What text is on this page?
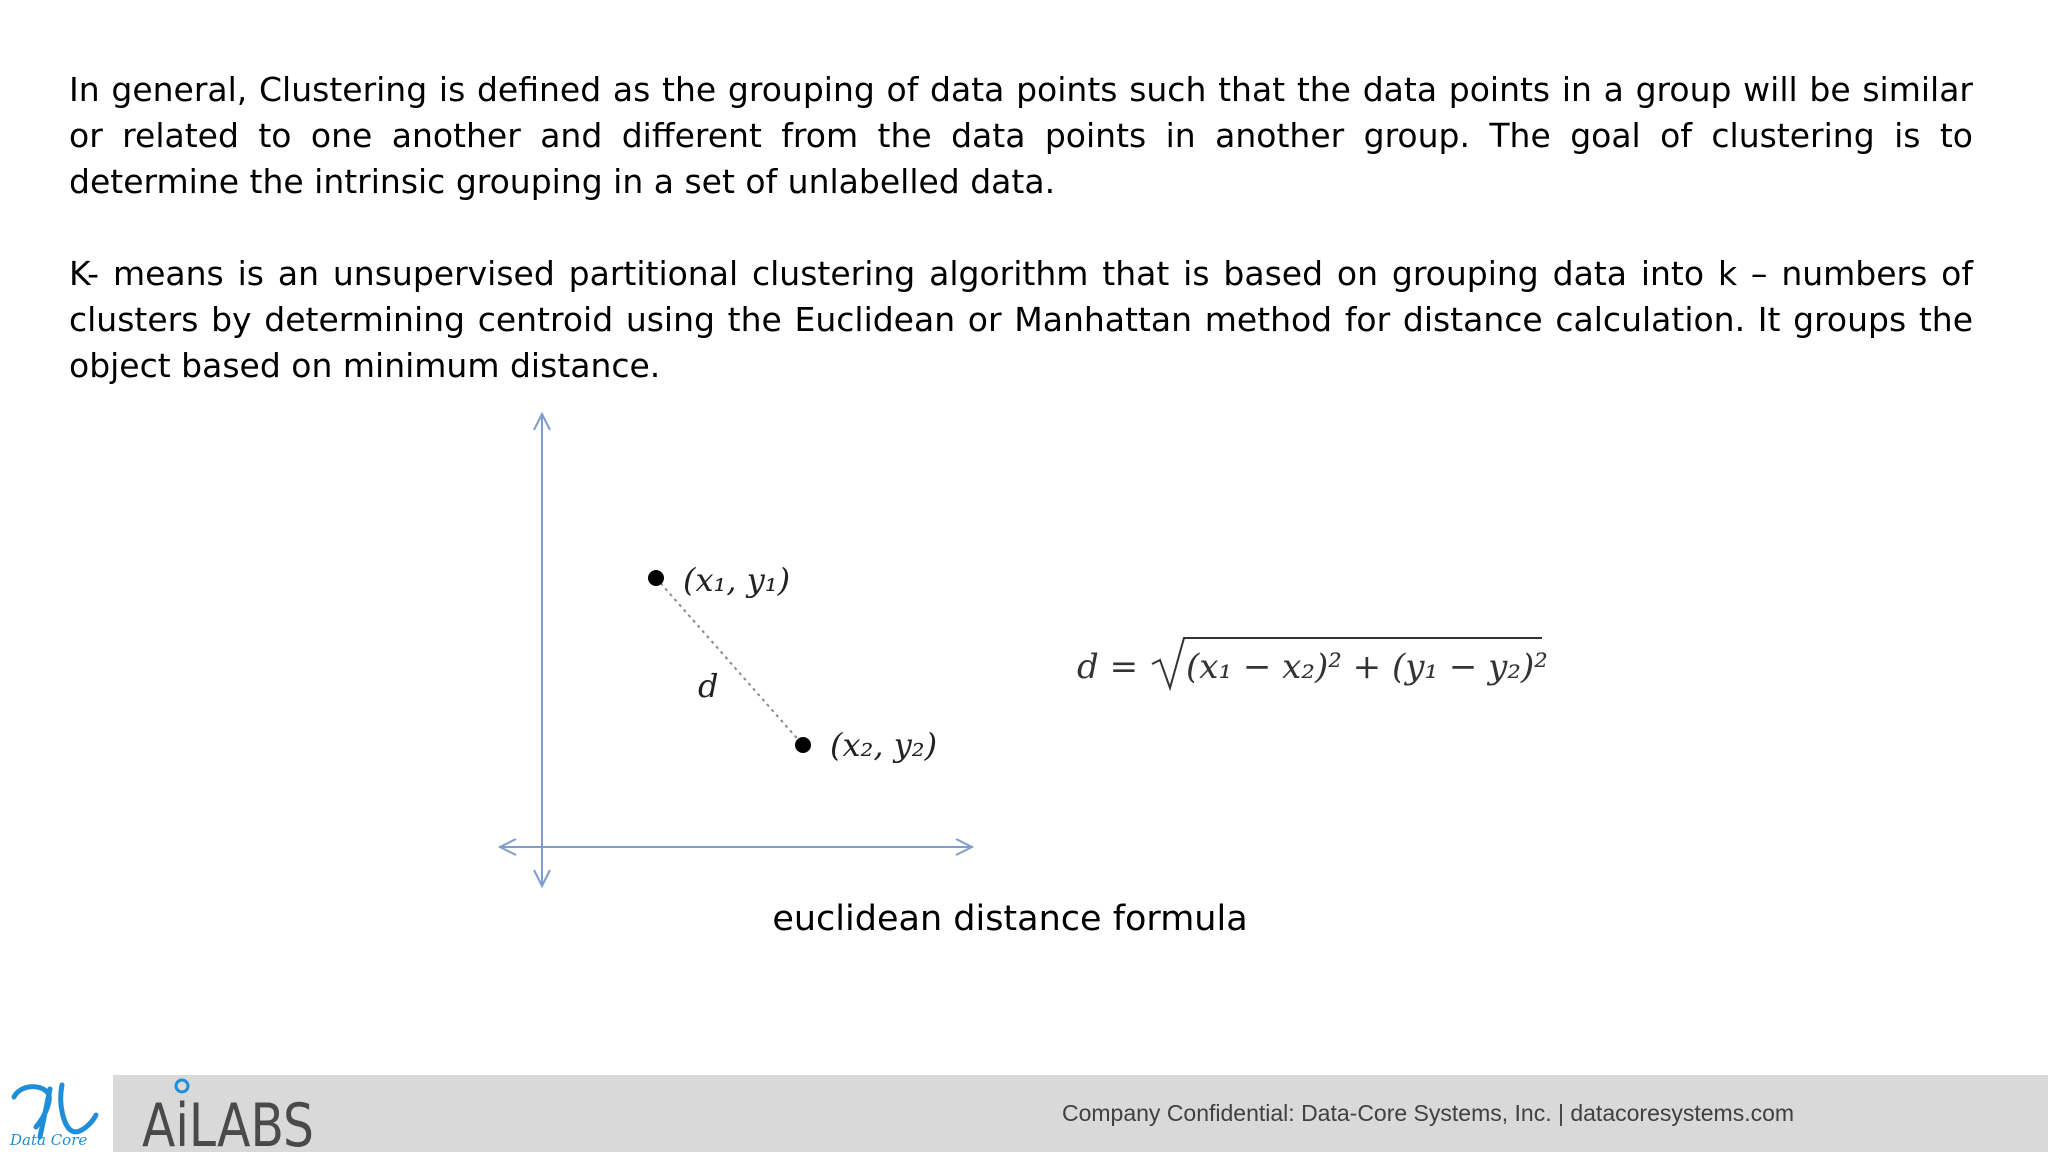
In general, Clustering is defined as the grouping of data points such that the data points in a group will be similar or related to one another and different from the data points in another group. The goal of clustering is to determine the intrinsic grouping in a set of unlabelled data.

K- means is an unsupervised partitional clustering algorithm that is based on grouping data into k – numbers of clusters by determining centroid using the Euclidean or Manhattan method for distance calculation. It groups the object based on minimum distance.

(x₁, y₁)
(x₂, y₂)
d	d = (x₁ − x₂)² + (y₁ − y₂)²

euclidean distance formula

Data Core AiLABS	Company Confidential: Data-Core Systems, Inc. | datacoresystems.com
